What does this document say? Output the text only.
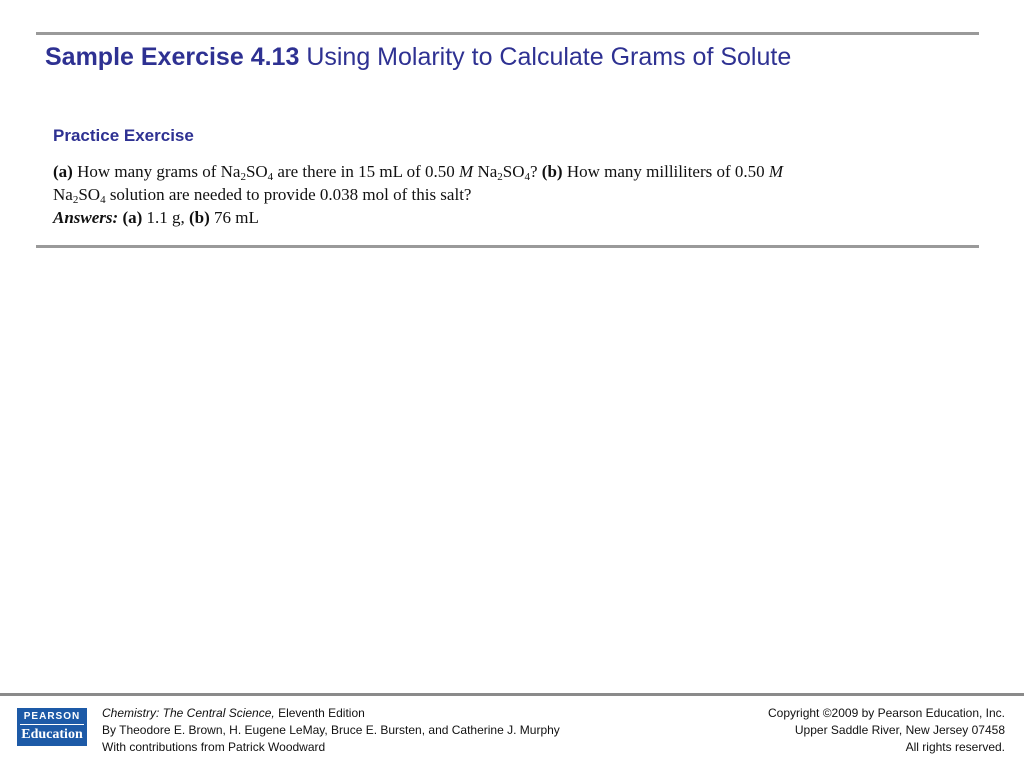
Sample Exercise 4.13 Using Molarity to Calculate Grams of Solute
Practice Exercise
(a) How many grams of $Na_2SO_4$ are there in 15 mL of 0.50 M $Na_2SO_4$? (b) How many milliliters of 0.50 M
$Na_2SO_4$ solution are needed to provide 0.038 mol of this salt?
Answers: (a) 1.1 g, (b) 76 mL
PEARSON
Education
Chemistry: The Central Science, Eleventh Edition
By Theodore E. Brown, H. Eugene LeMay, Bruce E. Bursten, and Catherine J. Murphy
With contributions from Patrick Woodward
Copyright ©2009 by Pearson Education, Inc.
Upper Saddle River, New Jersey 07458
All rights reserved.
